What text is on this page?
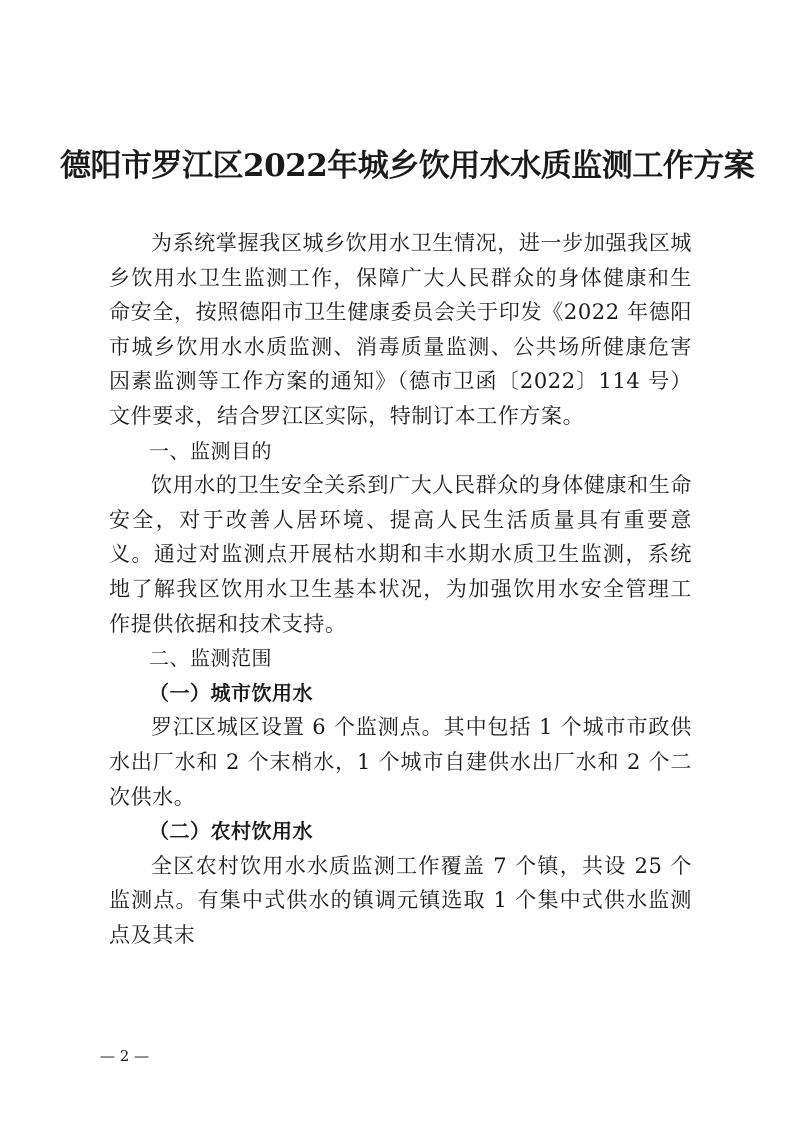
德阳市罗江区2022年城乡饮用水水质监测工作方案

为系统掌握我区城乡饮用水卫生情况，进一步加强我区城乡饮用水卫生监测工作，保障广大人民群众的身体健康和生命安全，按照德阳市卫生健康委员会关于印发《2022 年德阳市城乡饮用水水质监测、消毒质量监测、公共场所健康危害因素监测等工作方案的通知》（德市卫函〔2022〕114 号）文件要求，结合罗江区实际，特制订本工作方案。

一、监测目的

饮用水的卫生安全关系到广大人民群众的身体健康和生命安全，对于改善人居环境、提高人民生活质量具有重要意义。通过对监测点开展枯水期和丰水期水质卫生监测，系统地了解我区饮用水卫生基本状况，为加强饮用水安全管理工作提供依据和技术支持。

二、监测范围

（一）城市饮用水

罗江区城区设置 6 个监测点。其中包括 1 个城市市政供水出厂水和 2 个末梢水，1 个城市自建供水出厂水和 2 个二次供水。

（二）农村饮用水

全区农村饮用水水质监测工作覆盖 7 个镇，共设 25 个监测点。有集中式供水的镇调元镇选取 1 个集中式供水监测点及其末

— 2 —
